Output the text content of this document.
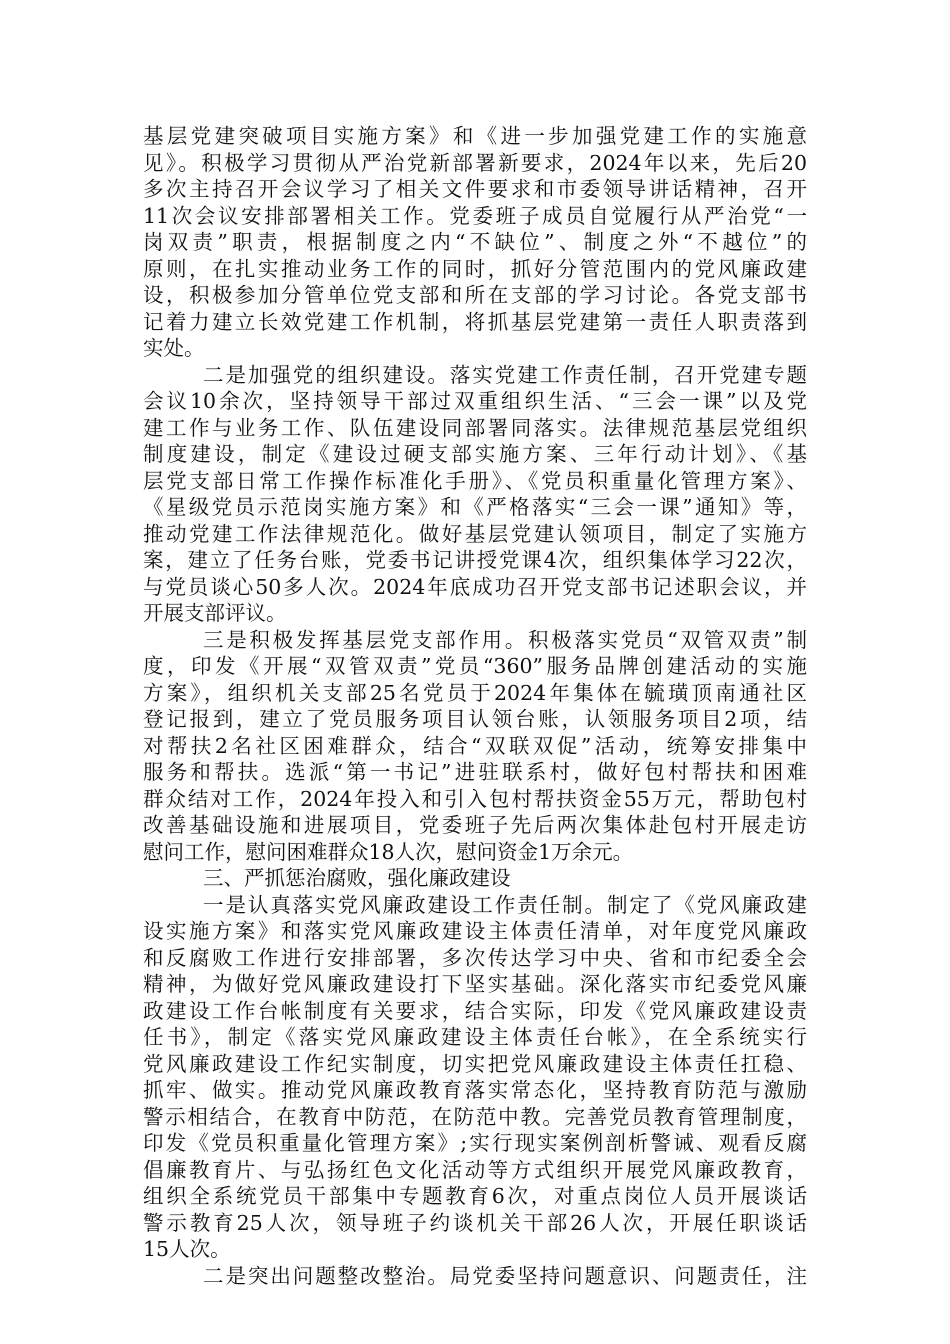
基层党建突破项目实施方案》和《进一步加强党建工作的实施意
见》。积极学习贯彻从严治党新部署新要求，2024年以来，先后20
多次主持召开会议学习了相关文件要求和市委领导讲话精神，召开
11次会议安排部署相关工作。党委班子成员自觉履行从严治党“一
岗双责”职责，根据制度之内“不缺位”、制度之外“不越位”的
原则，在扎实推动业务工作的同时，抓好分管范围内的党风廉政建
设，积极参加分管单位党支部和所在支部的学习讨论。各党支部书
记着力建立长效党建工作机制，将抓基层党建第一责任人职责落到
实处。
二是加强党的组织建设。落实党建工作责任制，召开党建专题
会议10余次，坚持领导干部过双重组织生活、“三会一课”以及党
建工作与业务工作、队伍建设同部署同落实。法律规范基层党组织
制度建设，制定《建设过硬支部实施方案、三年行动计划》、《基
层党支部日常工作操作标准化手册》、《党员积重量化管理方案》、
《星级党员示范岗实施方案》和《严格落实“三会一课”通知》等，
推动党建工作法律规范化。做好基层党建认领项目，制定了实施方
案，建立了任务台账，党委书记讲授党课4次，组织集体学习22次，
与党员谈心50多人次。2024年底成功召开党支部书记述职会议，并
开展支部评议。
三是积极发挥基层党支部作用。积极落实党员“双管双责”制
度，印发《开展“双管双责”党员“360”服务品牌创建活动的实施
方案》，组织机关支部25名党员于2024年集体在毓璜顶南通社区
登记报到，建立了党员服务项目认领台账，认领服务项目2项，结
对帮扶2名社区困难群众，结合“双联双促”活动，统筹安排集中
服务和帮扶。选派“第一书记”进驻联系村，做好包村帮扶和困难
群众结对工作，2024年投入和引入包村帮扶资金55万元，帮助包村
改善基础设施和进展项目，党委班子先后两次集体赴包村开展走访
慰问工作，慰问困难群众18人次，慰问资金1万余元。
三、严抓惩治腐败，强化廉政建设
一是认真落实党风廉政建设工作责任制。制定了《党风廉政建
设实施方案》和落实党风廉政建设主体责任清单，对年度党风廉政
和反腐败工作进行安排部署，多次传达学习中央、省和市纪委全会
精神，为做好党风廉政建设打下坚实基础。深化落实市纪委党风廉
政建设工作台帐制度有关要求，结合实际，印发《党风廉政建设责
任书》，制定《落实党风廉政建设主体责任台帐》，在全系统实行
党风廉政建设工作纪实制度，切实把党风廉政建设主体责任扛稳、
抓牢、做实。推动党风廉政教育落实常态化，坚持教育防范与激励
警示相结合，在教育中防范，在防范中教。完善党员教育管理制度，
印发《党员积重量化管理方案》;实行现实案例剖析警诫、观看反腐
倡廉教育片、与弘扬红色文化活动等方式组织开展党风廉政教育，
组织全系统党员干部集中专题教育6次，对重点岗位人员开展谈话
警示教育25人次，领导班子约谈机关干部26人次，开展任职谈话
15人次。
二是突出问题整改整治。局党委坚持问题意识、问题责任，注
